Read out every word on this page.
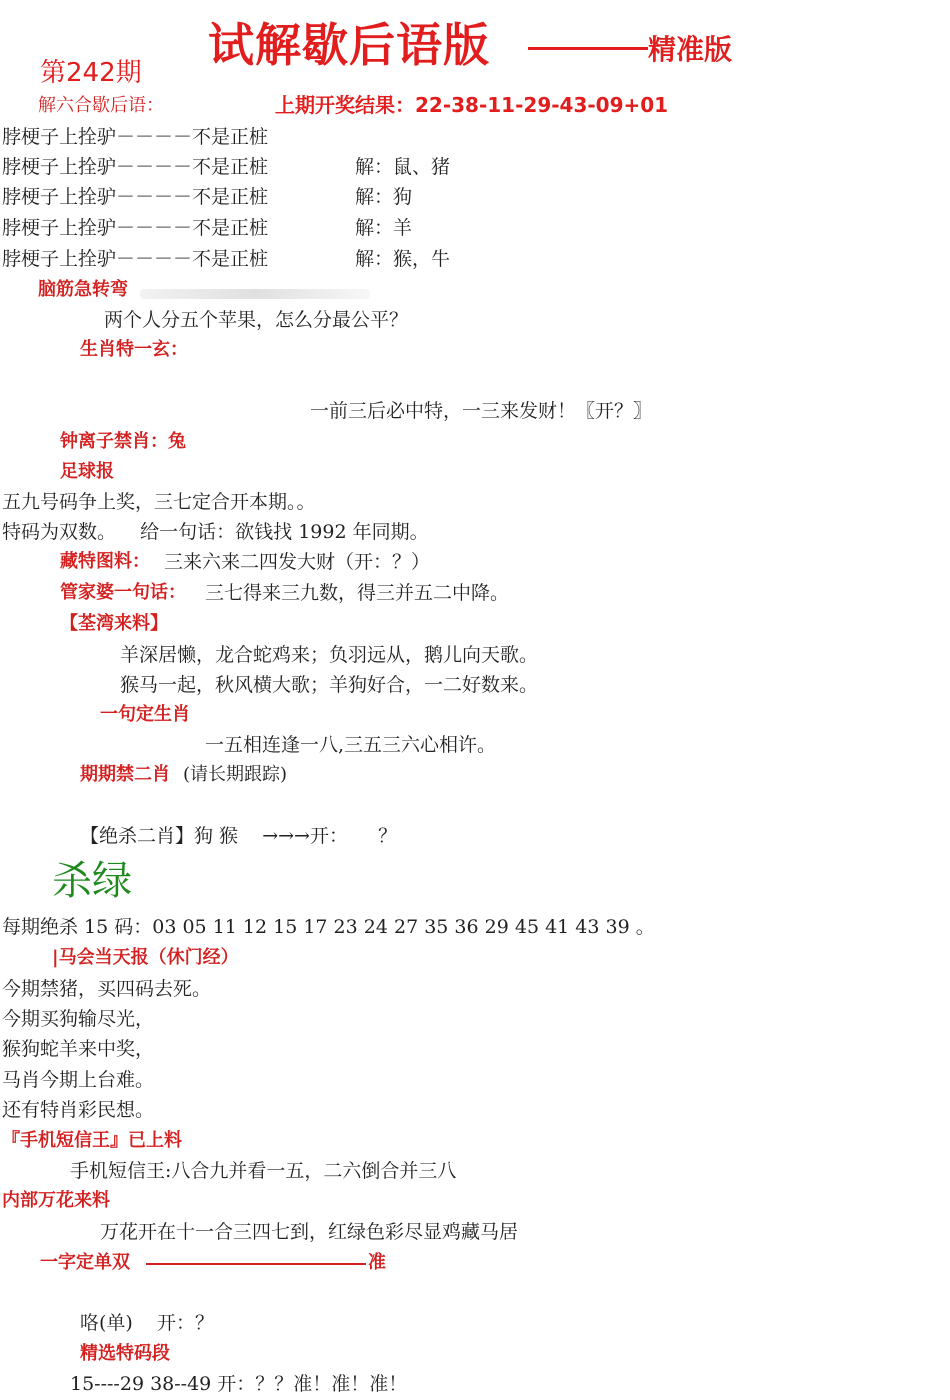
试解歇后语版	精准版
第242期
解六合歇后语：	上期开奖结果：22-38-11-29-43-09+01
脖梗子上拴驴－－－－不是正桩
脖梗子上拴驴－－－－不是正桩	解：鼠、猪
脖梗子上拴驴－－－－不是正桩	解：狗
脖梗子上拴驴－－－－不是正桩	解：羊
脖梗子上拴驴－－－－不是正桩	解：猴，牛
脑筋急转弯
两个人分五个苹果，怎么分最公平？
生肖特一玄：
一前三后必中特，一三来发财！〖开？〗
钟离子禁肖：兔
足球报
五九号码争上奖，三七定合开本期。。
特码为双数。    给一句话：欲钱找 1992 年同期。
藏特图料： 三来六来二四发大财（开：？）
管家婆一句话： 三七得来三九数，得三并五二中降。
【荃湾来料】
羊深居懒，龙合蛇鸡来；负羽远从，鹅儿向天歌。
猴马一起，秋风横大歌；羊狗好合，一二好数来。
一句定生肖
一五相连逢一八,三五三六心相许。
期期禁二肖 (请长期跟踪)
【绝杀二肖】狗 猴    →→→开：     ？
杀绿
每期绝杀 15 码：03 05 11 12 15 17 23 24 27 35 36 29 45 41 43 39 。
|马会当天报（休门经）
今期禁猪，买四码去死。
今期买狗输尽光，
猴狗蛇羊来中奖，
马肖今期上台难。
还有特肖彩民想。
『手机短信王』已上料
手机短信王:八合九并看一五，二六倒合并三八
内部万花来料
万花开在十一合三四七到，红绿色彩尽显鸡藏马居
一字定单双	准
咯(单)    开：？
精选特码段
15----29 38--49 开：？？准！准！准！
